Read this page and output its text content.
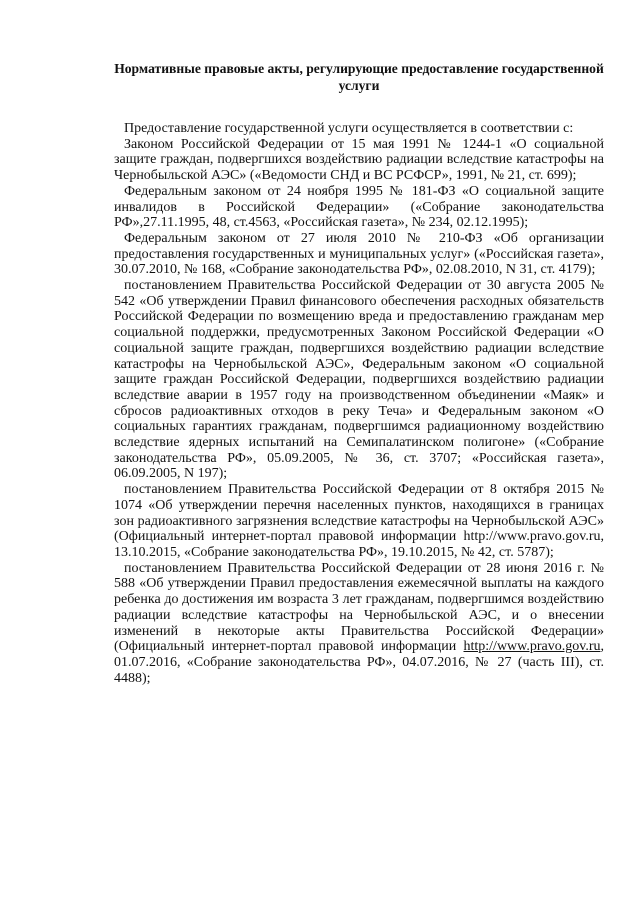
Нормативные правовые акты, регулирующие предоставление государственной услуги

Предоставление государственной услуги осуществляется в соответствии с:

Законом Российской Федерации от 15 мая 1991 № 1244-1 «О социальной защите граждан, подвергшихся воздействию радиации вследствие катастрофы на Чернобыльской АЭС» («Ведомости СНД и ВС РСФСР», 1991, № 21, ст. 699);

Федеральным законом от 24 ноября 1995 № 181-ФЗ «О социальной защите инвалидов в Российской Федерации» («Собрание законодательства РФ»,27.11.1995, 48, ст.4563, «Российская газета», № 234, 02.12.1995);

Федеральным законом от 27 июля 2010 № 210-ФЗ «Об организации предоставления государственных и муниципальных услуг» («Российская газета», 30.07.2010, № 168, «Собрание законодательства РФ», 02.08.2010, N 31, ст. 4179);

постановлением Правительства Российской Федерации от 30 августа 2005 № 542 «Об утверждении Правил финансового обеспечения расходных обязательств Российской Федерации по возмещению вреда и предоставлению гражданам мер социальной поддержки, предусмотренных Законом Российской Федерации «О социальной защите граждан, подвергшихся воздействию радиации вследствие катастрофы на Чернобыльской АЭС», Федеральным законом «О социальной защите граждан Российской Федерации, подвергшихся воздействию радиации вследствие аварии в 1957 году на производственном объединении «Маяк» и сбросов радиоактивных отходов в реку Теча» и Федеральным законом «О социальных гарантиях гражданам, подвергшимся радиационному воздействию вследствие ядерных испытаний на Семипалатинском полигоне» («Собрание законодательства РФ», 05.09.2005, № 36, ст. 3707; «Российская газета», 06.09.2005, N 197);

постановлением Правительства Российской Федерации от 8 октября 2015 № 1074 «Об утверждении перечня населенных пунктов, находящихся в границах зон радиоактивного загрязнения вследствие катастрофы на Чернобыльской АЭС» (Официальный интернет-портал правовой информации http://www.pravo.gov.ru, 13.10.2015, «Собрание законодательства РФ», 19.10.2015, № 42, ст. 5787);

постановлением Правительства Российской Федерации от 28 июня 2016 г. № 588 «Об утверждении Правил предоставления ежемесячной выплаты на каждого ребенка до достижения им возраста 3 лет гражданам, подвергшимся воздействию радиации вследствие катастрофы на Чернобыльской АЭС, и о внесении изменений в некоторые акты Правительства Российской Федерации» (Официальный интернет-портал правовой информации http://www.pravo.gov.ru, 01.07.2016, «Собрание законодательства РФ», 04.07.2016, № 27 (часть III), ст. 4488);
